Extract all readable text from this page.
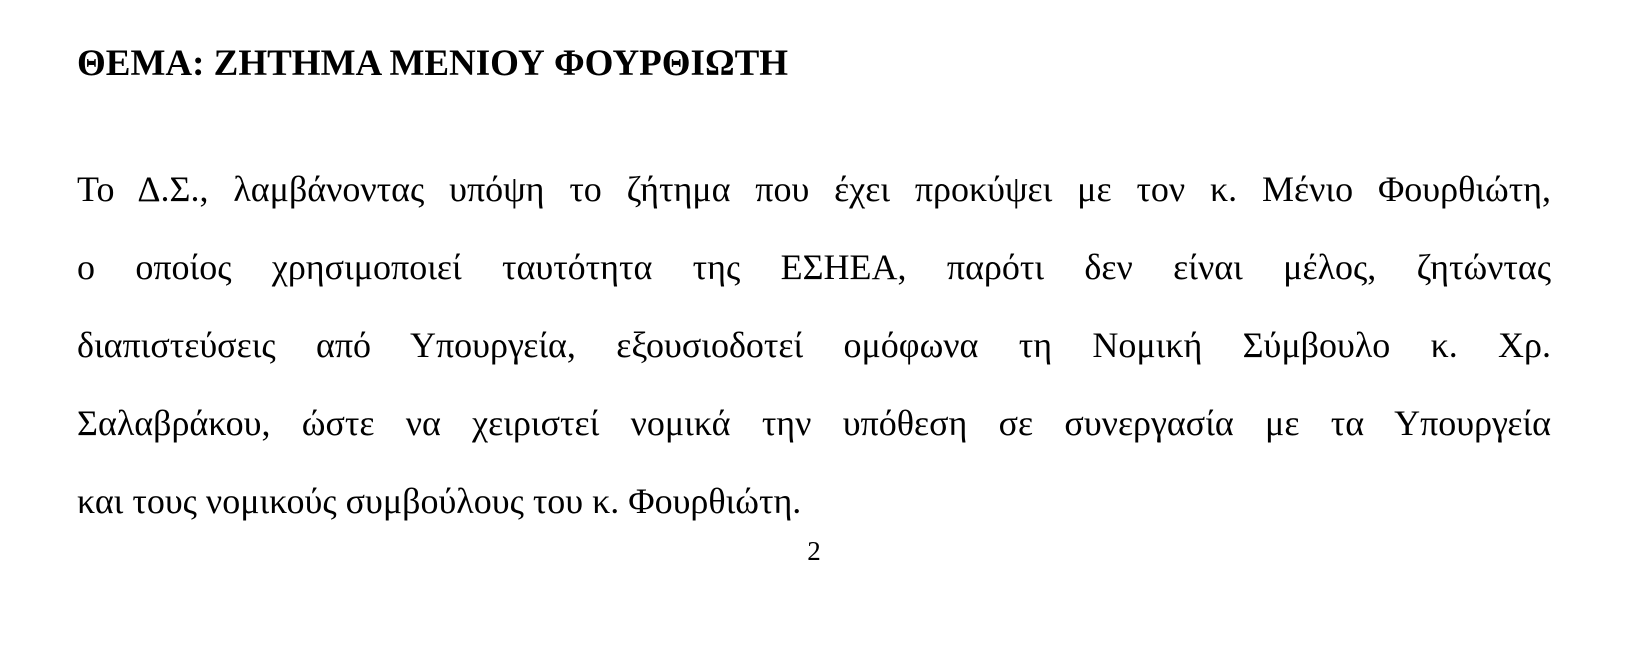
ΘΕΜΑ: ΖΗΤΗΜΑ ΜΕΝΙΟΥ ΦΟΥΡΘΙΩΤΗ
Το Δ.Σ., λαμβάνοντας υπόψη το ζήτημα που έχει προκύψει με τον κ. Μένιο Φουρθιώτη,
ο οποίος χρησιμοποιεί ταυτότητα της ΕΣΗΕΑ, παρότι δεν είναι μέλος, ζητώντας
διαπιστεύσεις από Υπουργεία, εξουσιοδοτεί ομόφωνα τη Νομική Σύμβουλο κ. Χρ.
Σαλαβράκου, ώστε να χειριστεί νομικά την υπόθεση σε συνεργασία με τα Υπουργεία
και τους νομικούς συμβούλους του κ. Φουρθιώτη.

2
